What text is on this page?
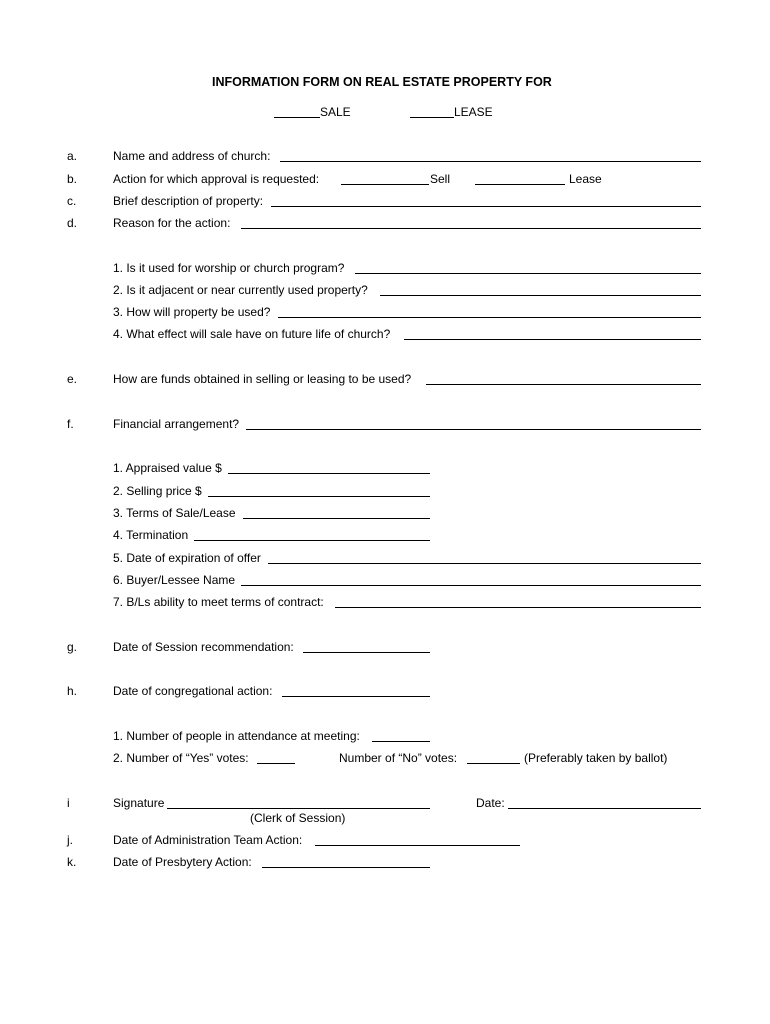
INFORMATION FORM ON REAL ESTATE PROPERTY FOR
SALE	LEASE
a.	Name and address of church:
b.	Action for which approval is requested:	Sell	Lease
c.	Brief description of property:
d.	Reason for the action:
1. Is it used for worship or church program?
2. Is it adjacent or near currently used property?
3. How will property be used?
4. What effect will sale have on future life of church?
e.	How are funds obtained in selling or leasing to be used?
f.	Financial arrangement?
1. Appraised value $
2. Selling price $
3. Terms of Sale/Lease
4. Termination
5. Date of expiration of offer
6. Buyer/Lessee Name
7. B/Ls ability to meet terms of contract:
g.	Date of Session recommendation:
h.	Date of congregational action:
1. Number of people in attendance at meeting:
2. Number of “Yes” votes:	Number of “No” votes:	(Preferably taken by ballot)
i	Signature
(Clerk of Session)
Date:
j.	Date of Administration Team Action:
k.	Date of Presbytery Action:
